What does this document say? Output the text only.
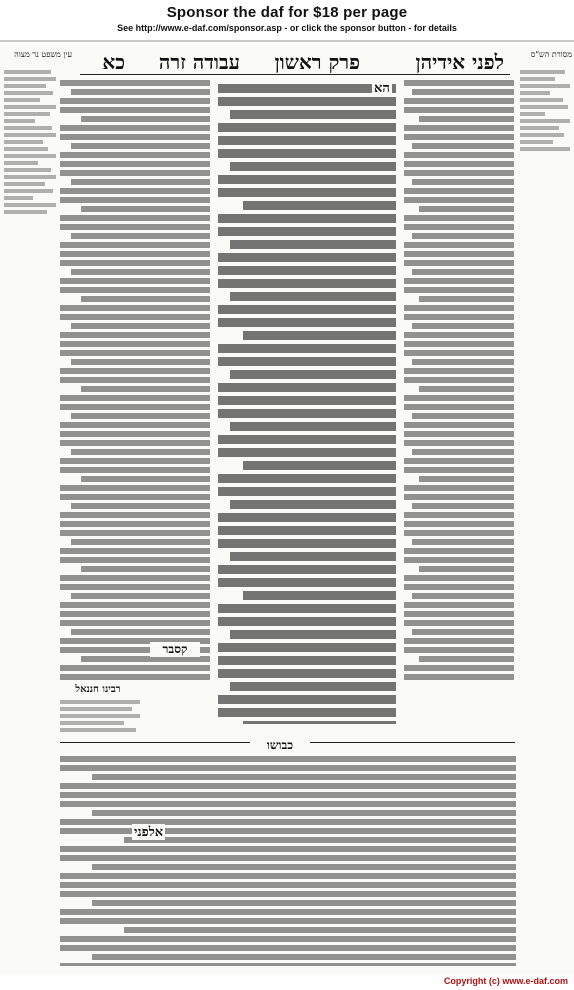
Sponsor the daf for $18 per page
See http://www.e-daf.com/sponsor.asp - or click the sponsor button - for details
עין משפט נר מצוה	מסורת הש"ס
לפני אידיהן
פרק ראשון
עבודה זרה
כא
הא
קסבר
רבינו חננאל
כבושו
אלפני
Copyright (c) www.e-daf.com
